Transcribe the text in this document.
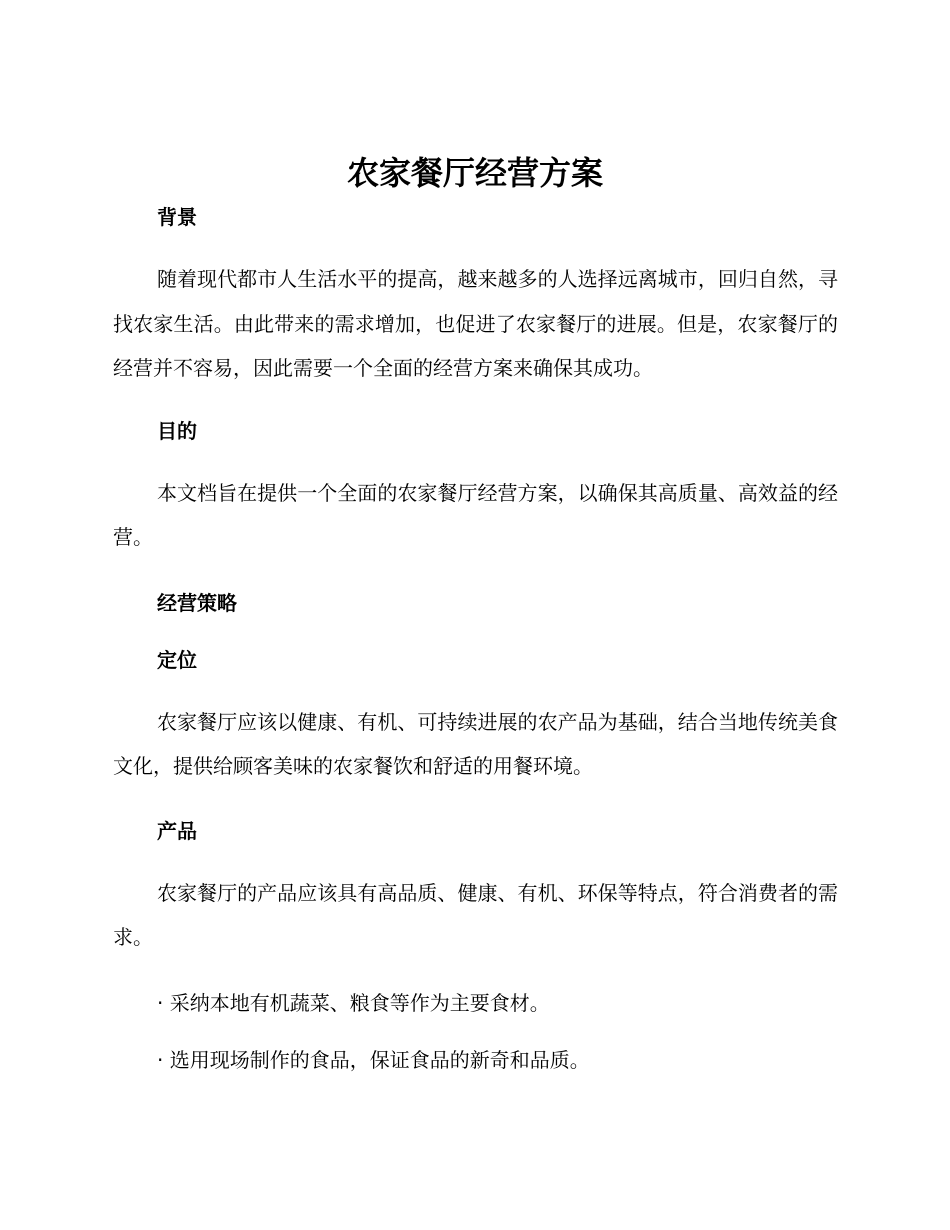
农家餐厅经营方案
背景

随着现代都市人生活水平的提高，越来越多的人选择远离城市，回归自然，寻找农家生活。由此带来的需求增加，也促进了农家餐厅的进展。但是，农家餐厅的经营并不容易，因此需要一个全面的经营方案来确保其成功。

目的

本文档旨在提供一个全面的农家餐厅经营方案，以确保其高质量、高效益的经营。

经营策略
定位

农家餐厅应该以健康、有机、可持续进展的农产品为基础，结合当地传统美食文化，提供给顾客美味的农家餐饮和舒适的用餐环境。

产品

农家餐厅的产品应该具有高品质、健康、有机、环保等特点，符合消费者的需求。

· 采纳本地有机蔬菜、粮食等作为主要食材。

· 选用现场制作的食品，保证食品的新奇和品质。
